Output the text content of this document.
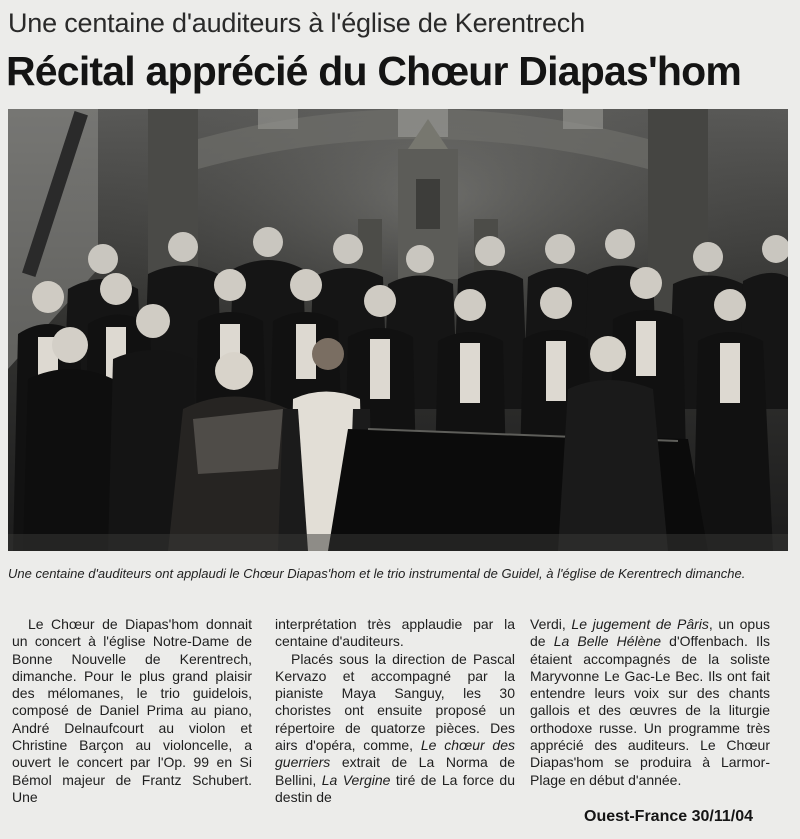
Une centaine d'auditeurs à l'église de Kerentrech
Récital apprécié du Chœur Diapas'hom
Une centaine d'auditeurs ont applaudi le Chœur Diapas'hom et le trio instrumental de Guidel, à l'église de Kerentrech dimanche.

Le Chœur de Diapas'hom donnait un concert à l'église Notre-Dame de Bonne Nouvelle de Kerentrech, dimanche. Pour le plus grand plaisir des mélomanes, le trio guidelois, composé de Daniel Prima au piano, André Delnaufcourt au violon et Christine Barçon au violoncelle, a ouvert le concert par l'Op. 99 en Si Bémol majeur de Frantz Schubert. Une

interprétation très applaudie par la centaine d'auditeurs.

Placés sous la direction de Pascal Kervazo et accompagné par la pianiste Maya Sanguy, les 30 choristes ont ensuite proposé un répertoire de quatorze pièces. Des airs d'opéra, comme, Le chœur des guerriers extrait de La Norma de Bellini, La Vergine tiré de La force du destin de

Verdi, Le jugement de Pâris, un opus de La Belle Hélène d'Offenbach. Ils étaient accompagnés de la soliste Maryvonne Le Gac-Le Bec. Ils ont fait entendre leurs voix sur des chants gallois et des œuvres de la liturgie orthodoxe russe. Un programme très apprécié des auditeurs. Le Chœur Diapas'hom se produira à Larmor-Plage en début d'année.

Ouest-France 30/11/04
